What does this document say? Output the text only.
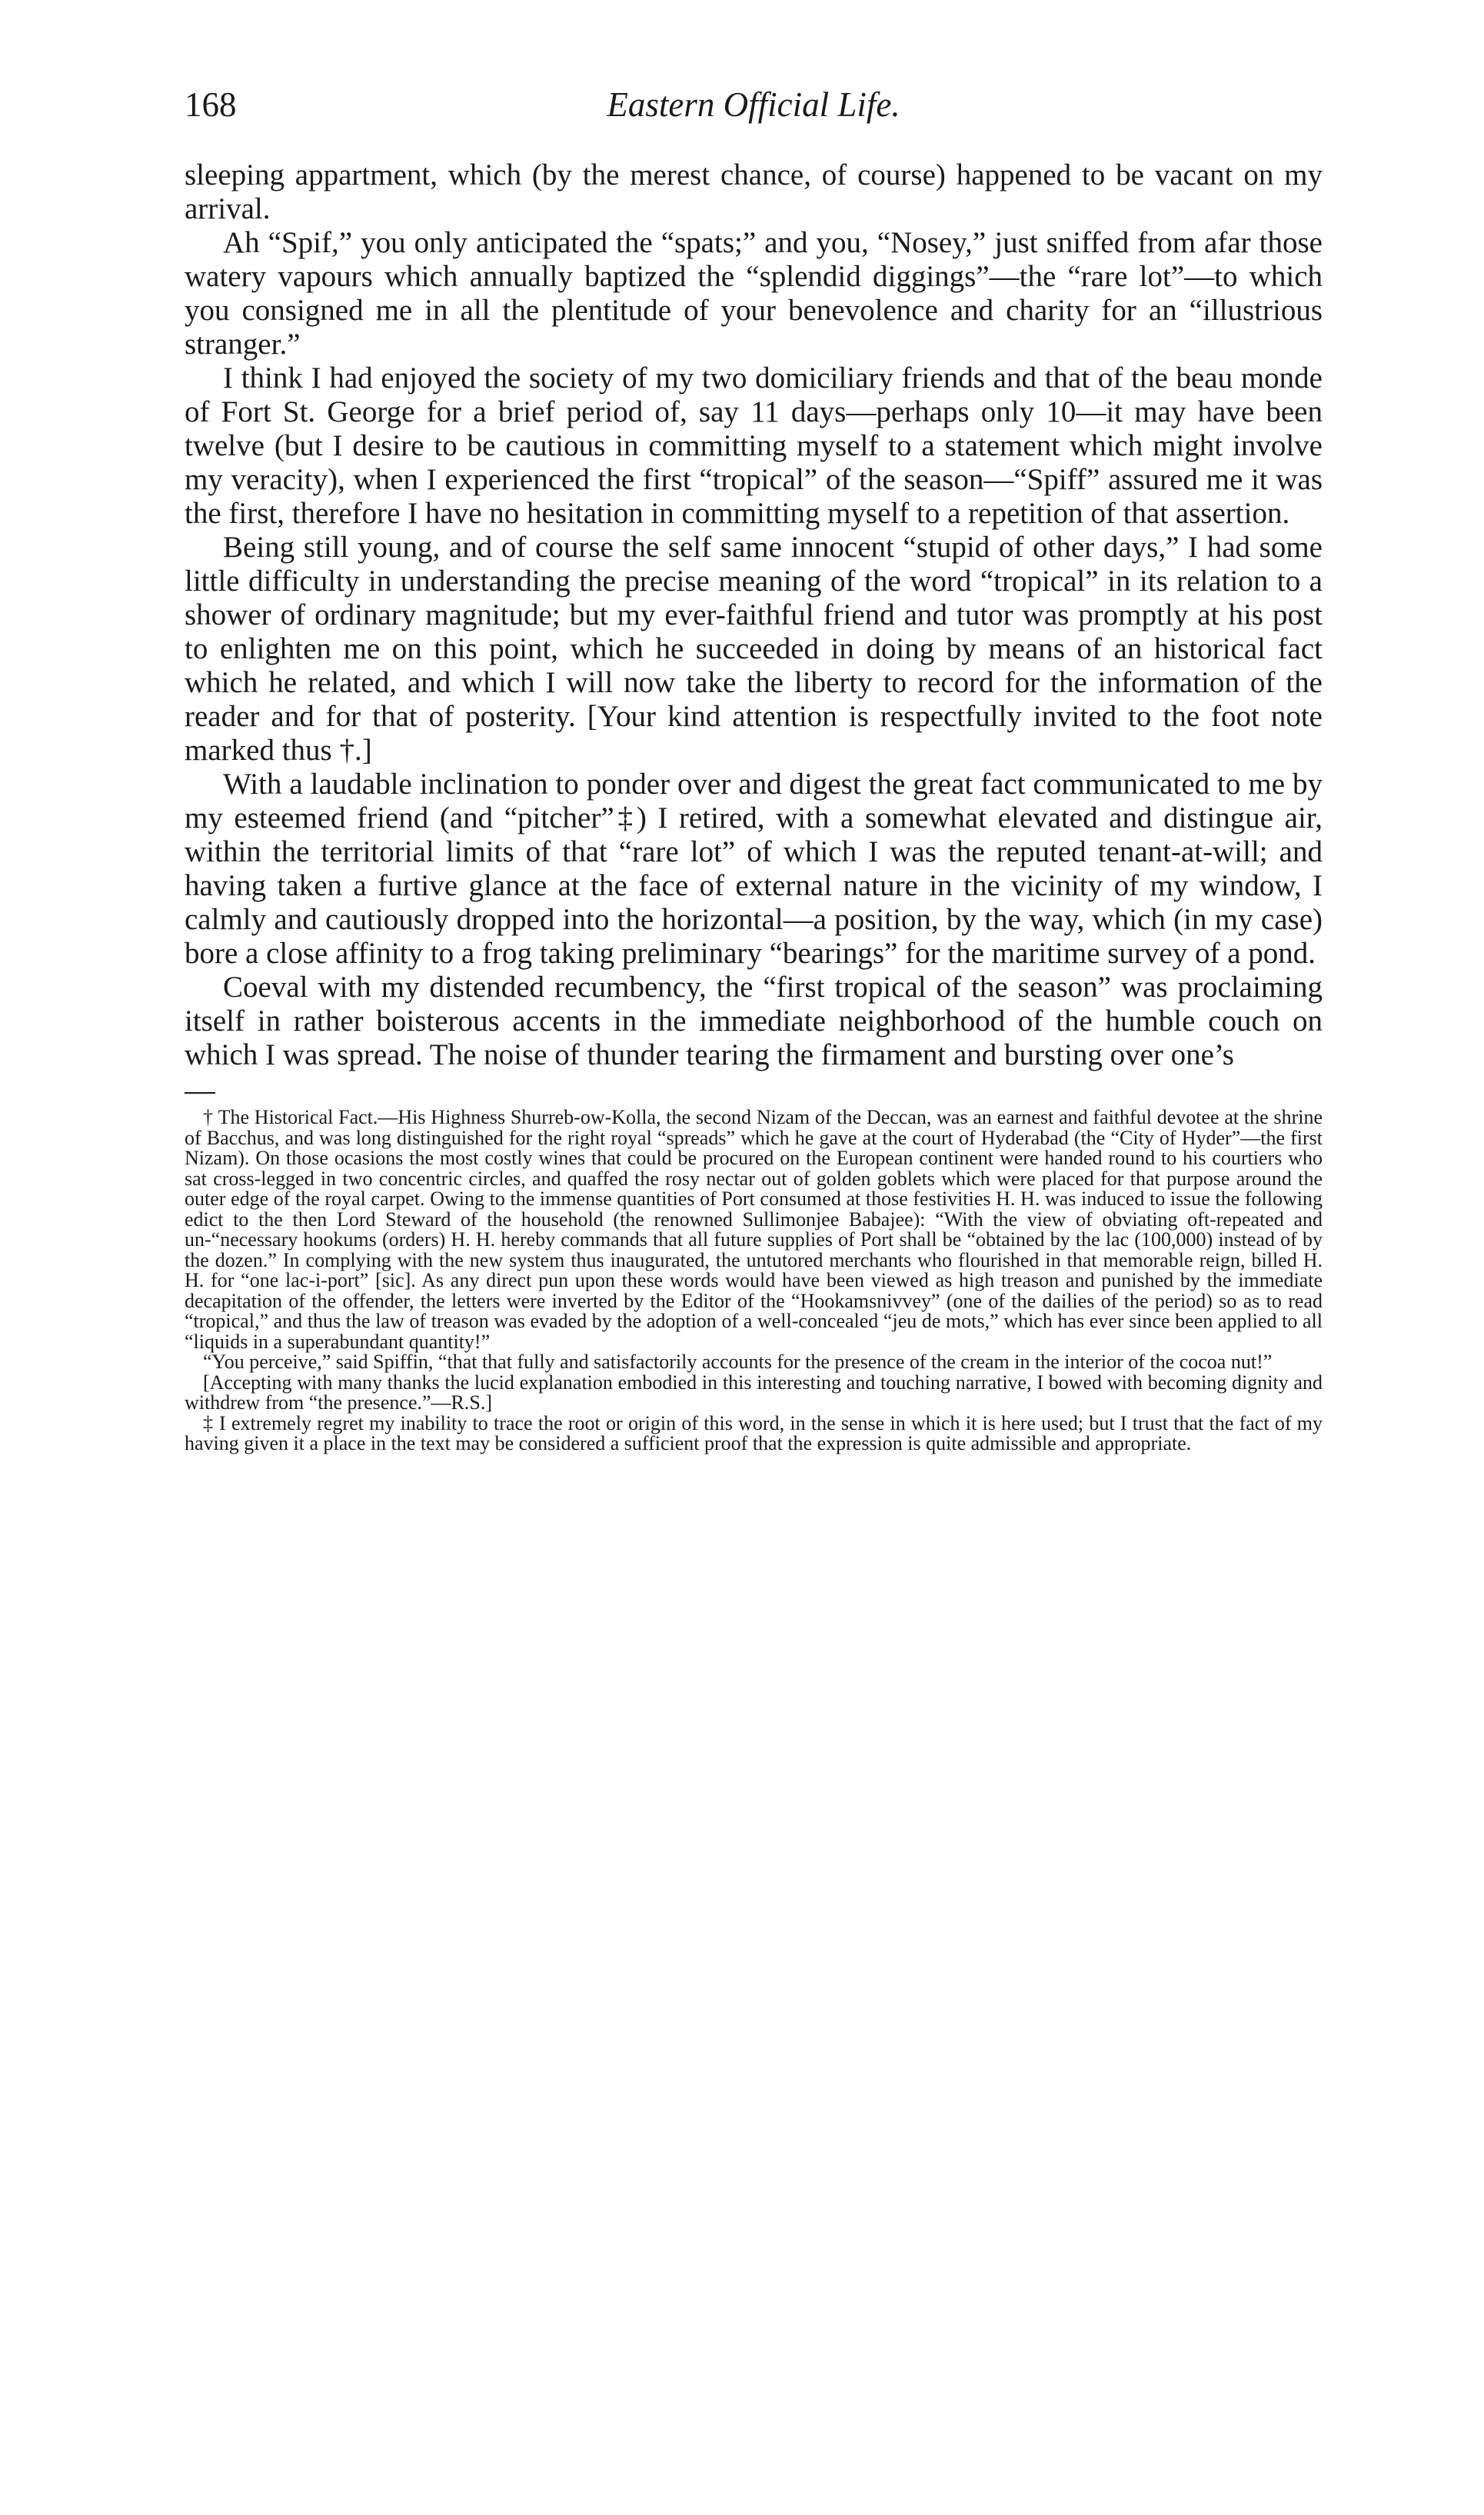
168	Eastern Official Life.

sleeping appartment, which (by the merest chance, of course) happened to be vacant on my arrival.

Ah “Spif,” you only anticipated the “spats;” and you, “Nosey,” just sniffed from afar those watery vapours which annually baptized the “splendid diggings”—the “rare lot”—to which you consigned me in all the plentitude of your benevolence and charity for an “illustrious stranger.”

I think I had enjoyed the society of my two domiciliary friends and that of the beau monde of Fort St. George for a brief period of, say 11 days—perhaps only 10—it may have been twelve (but I desire to be cautious in committing myself to a statement which might involve my veracity), when I experienced the first “tropical” of the season—“Spiff” assured me it was the first, therefore I have no hesitation in committing myself to a repetition of that assertion.

Being still young, and of course the self same innocent “stupid of other days,” I had some little difficulty in understanding the precise meaning of the word “tropical” in its relation to a shower of ordinary magnitude; but my ever-faithful friend and tutor was promptly at his post to enlighten me on this point, which he succeeded in doing by means of an historical fact which he related, and which I will now take the liberty to record for the information of the reader and for that of posterity. [Your kind attention is respectfully invited to the foot note marked thus †.]

With a laudable inclination to ponder over and digest the great fact communicated to me by my esteemed friend (and “pitcher”‡) I retired, with a somewhat elevated and distingue air, within the territorial limits of that “rare lot” of which I was the reputed tenant-at-will; and having taken a furtive glance at the face of external nature in the vicinity of my window, I calmly and cautiously dropped into the horizontal—a position, by the way, which (in my case) bore a close affinity to a frog taking preliminary “bearings” for the maritime survey of a pond.

Coeval with my distended recumbency, the “first tropical of the season” was proclaiming itself in rather boisterous accents in the immediate neighborhood of the humble couch on which I was spread. The noise of thunder tearing the firmament and bursting over one’s

† The Historical Fact.—His Highness Shurreb-ow-Kolla, the second Nizam of the Deccan, was an earnest and faithful devotee at the shrine of Bacchus, and was long distinguished for the right royal “spreads” which he gave at the court of Hyderabad (the “City of Hyder”—the first Nizam). On those ocasions the most costly wines that could be procured on the European continent were handed round to his courtiers who sat cross-legged in two concentric circles, and quaffed the rosy nectar out of golden goblets which were placed for that purpose around the outer edge of the royal carpet. Owing to the immense quantities of Port consumed at those festivities H. H. was induced to issue the following edict to the then Lord Steward of the household (the renowned Sullimonjee Babajee): “With the view of obviating oft-repeated and un-“necessary hookums (orders) H. H. hereby commands that all future supplies of Port shall be “obtained by the lac (100,000) instead of by the dozen.” In complying with the new system thus inaugurated, the untutored merchants who flourished in that memorable reign, billed H. H. for “one lac-i-port” [sic]. As any direct pun upon these words would have been viewed as high treason and punished by the immediate decapitation of the offender, the letters were inverted by the Editor of the “Hookamsnivvey” (one of the dailies of the period) so as to read “tropical,” and thus the law of treason was evaded by the adoption of a well-concealed “jeu de mots,” which has ever since been applied to all “liquids in a superabundant quantity!”

“You perceive,” said Spiffin, “that that fully and satisfactorily accounts for the presence of the cream in the interior of the cocoa nut!”

[Accepting with many thanks the lucid explanation embodied in this interesting and touching narrative, I bowed with becoming dignity and withdrew from “the presence.”—R.S.]

‡ I extremely regret my inability to trace the root or origin of this word, in the sense in which it is here used; but I trust that the fact of my having given it a place in the text may be considered a sufficient proof that the expression is quite admissible and appropriate.
